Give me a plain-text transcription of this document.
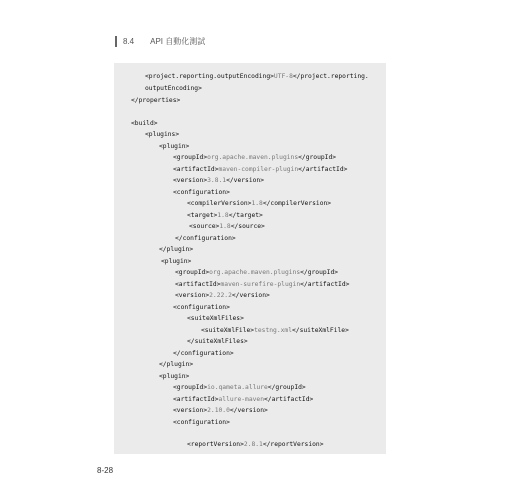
8.4 API 自動化測試
<project.reporting.outputEncoding>UTF-8</project.reporting.
outputEncoding>
</properties>
<build>
<plugins>
<plugin>
<groupId>org.apache.maven.plugins</groupId>
<artifactId>maven-compiler-plugin</artifactId>
<version>3.8.1</version>
<configuration>
<compilerVersion>1.8</compilerVersion>
<target>1.8</target>
<source>1.8</source>
</configuration>
</plugin>
<plugin>
<groupId>org.apache.maven.plugins</groupId>
<artifactId>maven-surefire-plugin</artifactId>
<version>2.22.2</version>
<configuration>
<suiteXmlFiles>
<suiteXmlFile>testng.xml</suiteXmlFile>
</suiteXmlFiles>
</configuration>
</plugin>
<plugin>
<groupId>io.qameta.allure</groupId>
<artifactId>allure-maven</artifactId>
<version>2.10.0</version>
<configuration>
<reportVersion>2.8.1</reportVersion>
8-28
